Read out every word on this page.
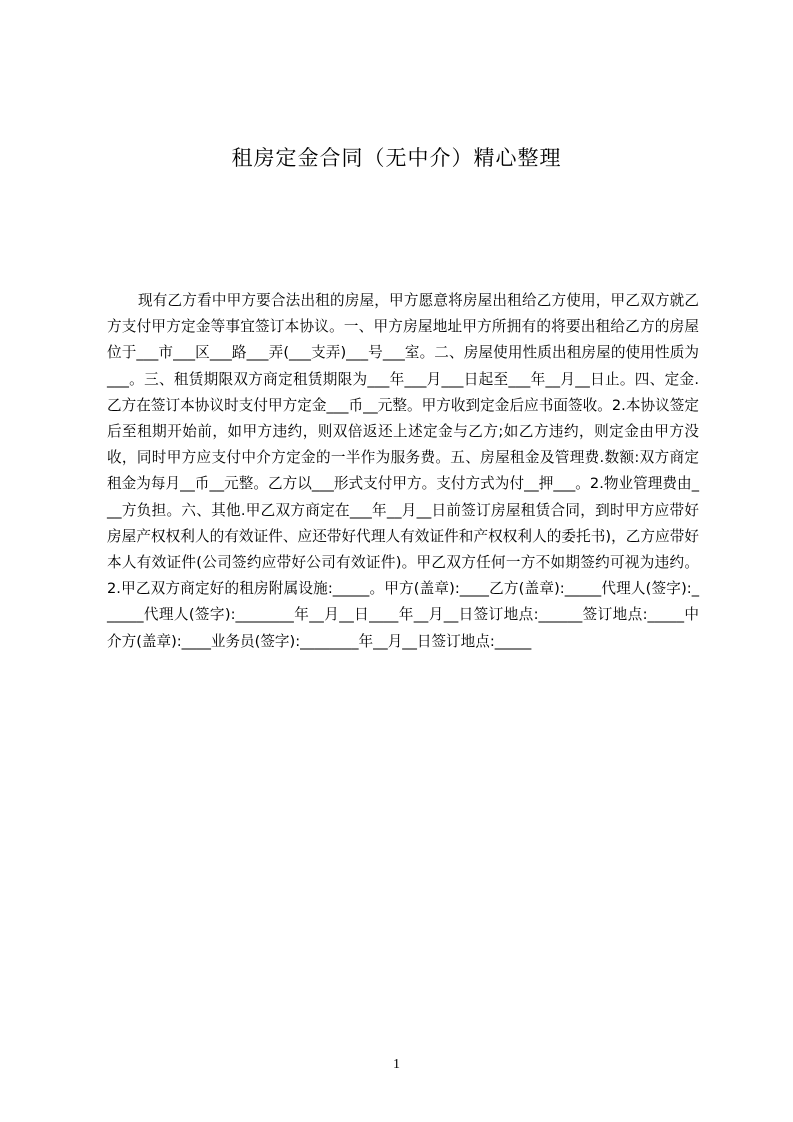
租房定金合同（无中介）精心整理

现有乙方看中甲方要合法出租的房屋，甲方愿意将房屋出租给乙方使用，甲乙双方就乙方支付甲方定金等事宜签订本协议。一、甲方房屋地址甲方所拥有的将要出租给乙方的房屋位于___市___区___路___弄(___支弄)___号___室。二、房屋使用性质出租房屋的使用性质为___。三、租赁期限双方商定租赁期限为___年___月___日起至___年__月__日止。四、定金.乙方在签订本协议时支付甲方定金___币__元整。甲方收到定金后应书面签收。2.本协议签定后至租期开始前，如甲方违约，则双倍返还上述定金与乙方;如乙方违约，则定金由甲方没收，同时甲方应支付中介方定金的一半作为服务费。五、房屋租金及管理费.数额:双方商定租金为每月__币__元整。乙方以___形式支付甲方。支付方式为付__押___。2.物业管理费由___方负担。六、其他.甲乙双方商定在___年__月__日前签订房屋租赁合同，到时甲方应带好房屋产权权利人的有效证件、应还带好代理人有效证件和产权权利人的委托书)，乙方应带好本人有效证件(公司签约应带好公司有效证件)。甲乙双方任何一方不如期签约可视为违约。2.甲乙双方商定好的租房附属设施:_____。甲方(盖章):____乙方(盖章):_____代理人(签字):______代理人(签字):________年__月__日____年__月__日签订地点:______签订地点:_____中介方(盖章):____业务员(签字):________年__月__日签订地点:_____

1
